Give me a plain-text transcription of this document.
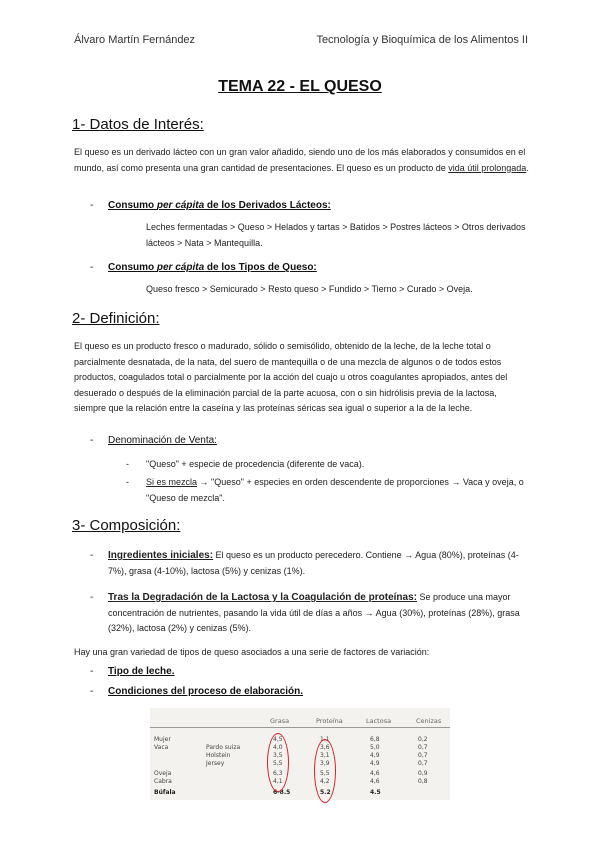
Álvaro Martín Fernández	Tecnología y Bioquímica de los Alimentos II
TEMA 22 - EL QUESO
1- Datos de Interés:
El queso es un derivado lácteo con un gran valor añadido, siendo uno de los más elaborados y consumidos en el mundo, así como presenta una gran cantidad de presentaciones. El queso es un producto de vida útil prolongada.
- Consumo per cápita de los Derivados Lácteos:
Leches fermentadas > Queso > Helados y tartas > Batidos > Postres lácteos > Otros derivados lácteos > Nata > Mantequilla.
- Consumo per cápita de los Tipos de Queso:
Queso fresco > Semicurado > Resto queso > Fundido > Tierno > Curado > Oveja.
2- Definición:
El queso es un producto fresco o madurado, sólido o semisólido, obtenido de la leche, de la leche total o parcialmente desnatada, de la nata, del suero de mantequilla o de una mezcla de algunos o de todos estos productos, coagulados total o parcialmente por la acción del cuajo u otros coagulantes apropiados, antes del desuerado o después de la eliminación parcial de la parte acuosa, con o sin hidrólisis previa de la lactosa, siempre que la relación entre la caseína y las proteínas séricas sea igual o superior a la de la leche.
- Denominación de Venta:
- "Queso" + especie de procedencia (diferente de vaca).
- Si es mezcla → "Queso" + especies en orden descendente de proporciones → Vaca y oveja, o "Queso de mezcla".
3- Composición:
- Ingredientes iniciales: El queso es un producto perecedero. Contiene → Agua (80%), proteínas (4-7%), grasa (4-10%), lactosa (5%) y cenizas (1%).
- Tras la Degradación de la Lactosa y la Coagulación de proteínas: Se produce una mayor concentración de nutrientes, pasando la vida útil de días a años → Agua (30%), proteínas (28%), grasa (32%), lactosa (2%) y cenizas (5%).
Hay una gran variedad de tipos de queso asociados a una serie de factores de variación:
- Tipo de leche.
- Condiciones del proceso de elaboración.
Grasa	Proteína	Lactosa	Cenizas
Mujer	4,5	1,1	6,8	0,2
Vaca	Pardo suiza	4,0	3,6	5,0	0,7
Holstein	3,5	3,1	4,9	0,7
Jersey	5,5	3,9	4,9	0,7
Oveja	6,3	5,5	4,6	0,9
Cabra	4,1	4,2	4,6	0,8
Búfala	6-8.5	5.2	4.5
